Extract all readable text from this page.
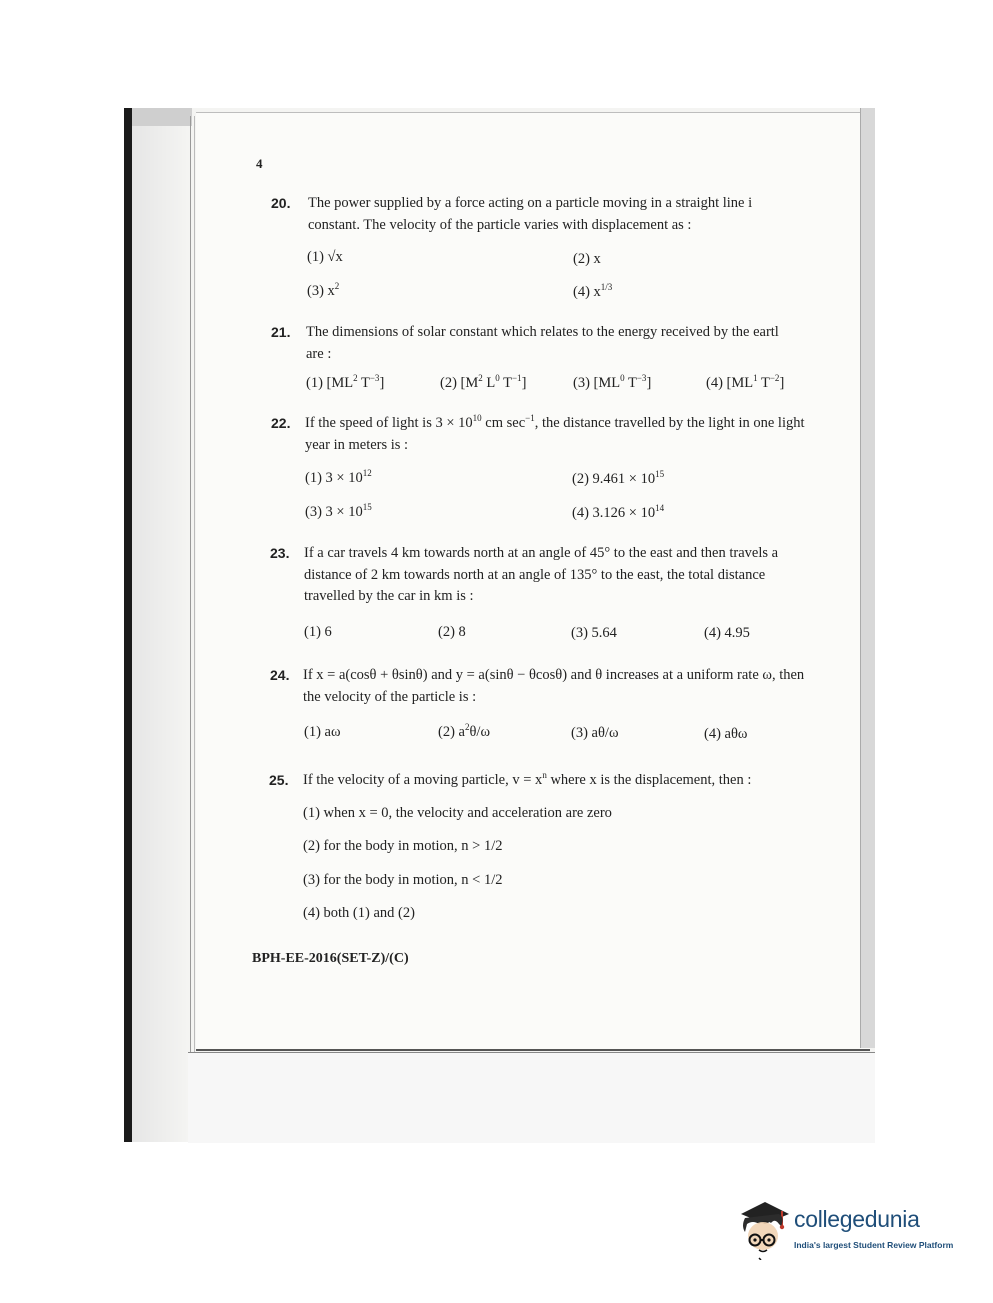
4
20. The power supplied by a force acting on a particle moving in a straight line i
constant. The velocity of the particle varies with displacement as :
(1) √x	(2) x
(3) $x^2$	(4) $x^{1/3}$
21. The dimensions of solar constant which relates to the energy received by the eartl
are :
(1) [$ML^2$ $T^{-3}$]	(2) [$M^2$ $L^0$ $T^{-1}$]	(3) [$ML^0$ $T^{-3}$]	(4) [$ML^1$ $T^{-2}$]
22. If the speed of light is $3 \times 10^{10}$ cm $\sec^{-1}$, the distance travelled by the light in one light
year in meters is :
(1) $3 \times 10^{12}$	(2) $9.461 \times 10^{15}$
(3) $3 \times 10^{15}$	(4) $3.126 \times 10^{14}$
23. If a car travels 4 km towards north at an angle of 45° to the east and then travels a
distance of 2 km towards north at an angle of 135° to the east, the total distance
travelled by the car in km is :
(1) 6	(2) 8	(3) 5.64	(4) 4.95
24. If x = a(cosθ + θsinθ) and y = a(sinθ − θcosθ) and θ increases at a uniform rate ω, then
the velocity of the particle is :
(1) aω	(2) $a^2\theta/\omega$	(3) aθ/ω	(4) aθω
25. If the velocity of a moving particle, $v = x^n$ where x is the displacement, then :
(1) when x = 0, the velocity and acceleration are zero
(2) for the body in motion, n > 1/2
(3) for the body in motion, n < 1/2
(4) both (1) and (2)
BPH-EE-2016(SET-Z)/(C)
collegedunia
India's largest Student Review Platform
